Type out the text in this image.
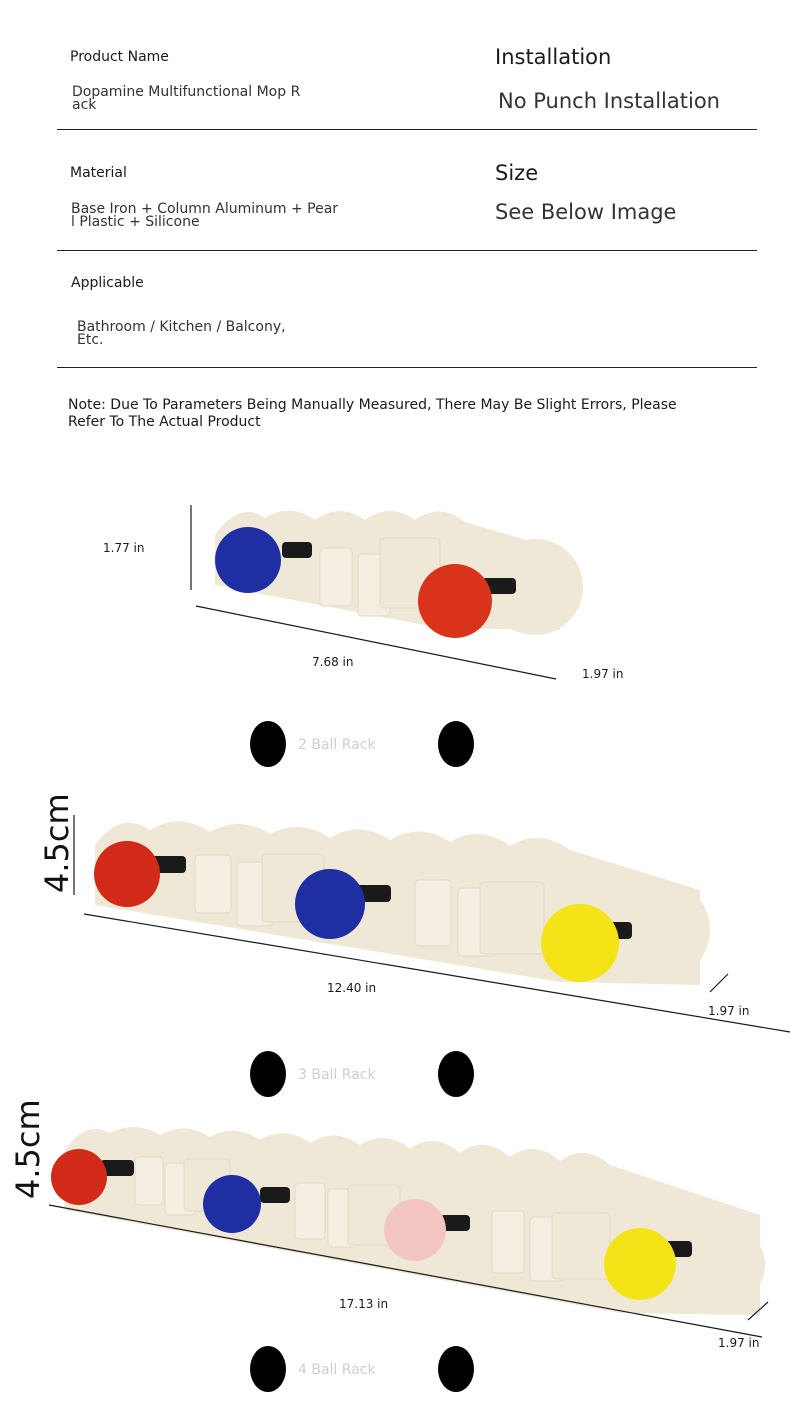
Product Name
Dopamine Multifunctional Mop Rack
Installation
No Punch Installation
Material
Base Iron + Column Aluminum + Pearl Plastic + Silicone
Size
See Below Image
Applicable
Bathroom / Kitchen / Balcony, Etc.
Note: Due To Parameters Being Manually Measured, There May Be Slight Errors, Please Refer To The Actual Product
1.77 in
7.68 in
1.97 in
2 Ball Rack
4.5cm
12.40 in
1.97 in
3 Ball Rack
4.5cm
17.13 in
1.97 in
4 Ball Rack
